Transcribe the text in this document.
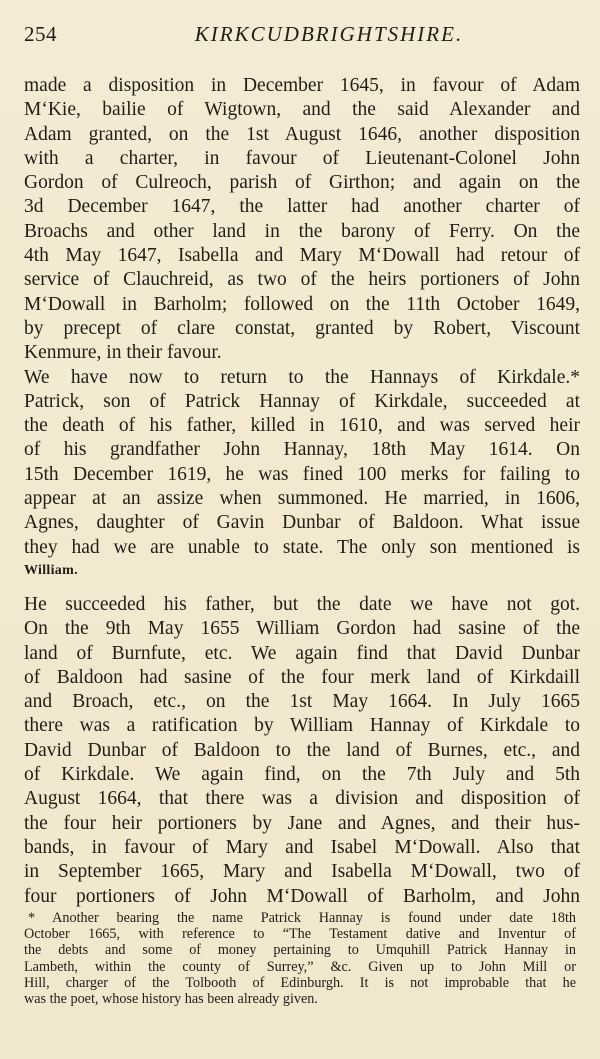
254	KIRKCUDBRIGHTSHIRE.
made a disposition in December 1645, in favour of Adam
M‘Kie, bailie of Wigtown, and the said Alexander and
Adam granted, on the 1st August 1646, another disposition
with a charter, in favour of Lieutenant-Colonel John
Gordon of Culreoch, parish of Girthon; and again on the
3d December 1647, the latter had another charter of
Broachs and other land in the barony of Ferry. On the
4th May 1647, Isabella and Mary M‘Dowall had retour of
service of Clauchreid, as two of the heirs portioners of John
M‘Dowall in Barholm; followed on the 11th October 1649,
by precept of clare constat, granted by Robert, Viscount
Kenmure, in their favour.
We have now to return to the Hannays of Kirkdale.*
Patrick, son of Patrick Hannay of Kirkdale, succeeded at
the death of his father, killed in 1610, and was served heir
of his grandfather John Hannay, 18th May 1614. On
15th December 1619, he was fined 100 merks for failing to
appear at an assize when summoned. He married, in 1606,
Agnes, daughter of Gavin Dunbar of Baldoon. What issue
they had we are unable to state. The only son mentioned is
William.
He succeeded his father, but the date we have not got.
On the 9th May 1655 William Gordon had sasine of the
land of Burnfute, etc. We again find that David Dunbar
of Baldoon had sasine of the four merk land of Kirkdaill
and Broach, etc., on the 1st May 1664. In July 1665
there was a ratification by William Hannay of Kirkdale to
David Dunbar of Baldoon to the land of Burnes, etc., and
of Kirkdale. We again find, on the 7th July and 5th
August 1664, that there was a division and disposition of
the four heir portioners by Jane and Agnes, and their hus-
bands, in favour of Mary and Isabel M‘Dowall. Also that
in September 1665, Mary and Isabella M‘Dowall, two of
four portioners of John M‘Dowall of Barholm, and John
* Another bearing the name Patrick Hannay is found under date 18th
October 1665, with reference to “The Testament dative and Inventur of
the debts and some of money pertaining to Umquhill Patrick Hannay in
Lambeth, within the county of Surrey,” &c. Given up to John Mill or
Hill, charger of the Tolbooth of Edinburgh. It is not improbable that he
was the poet, whose history has been already given.
